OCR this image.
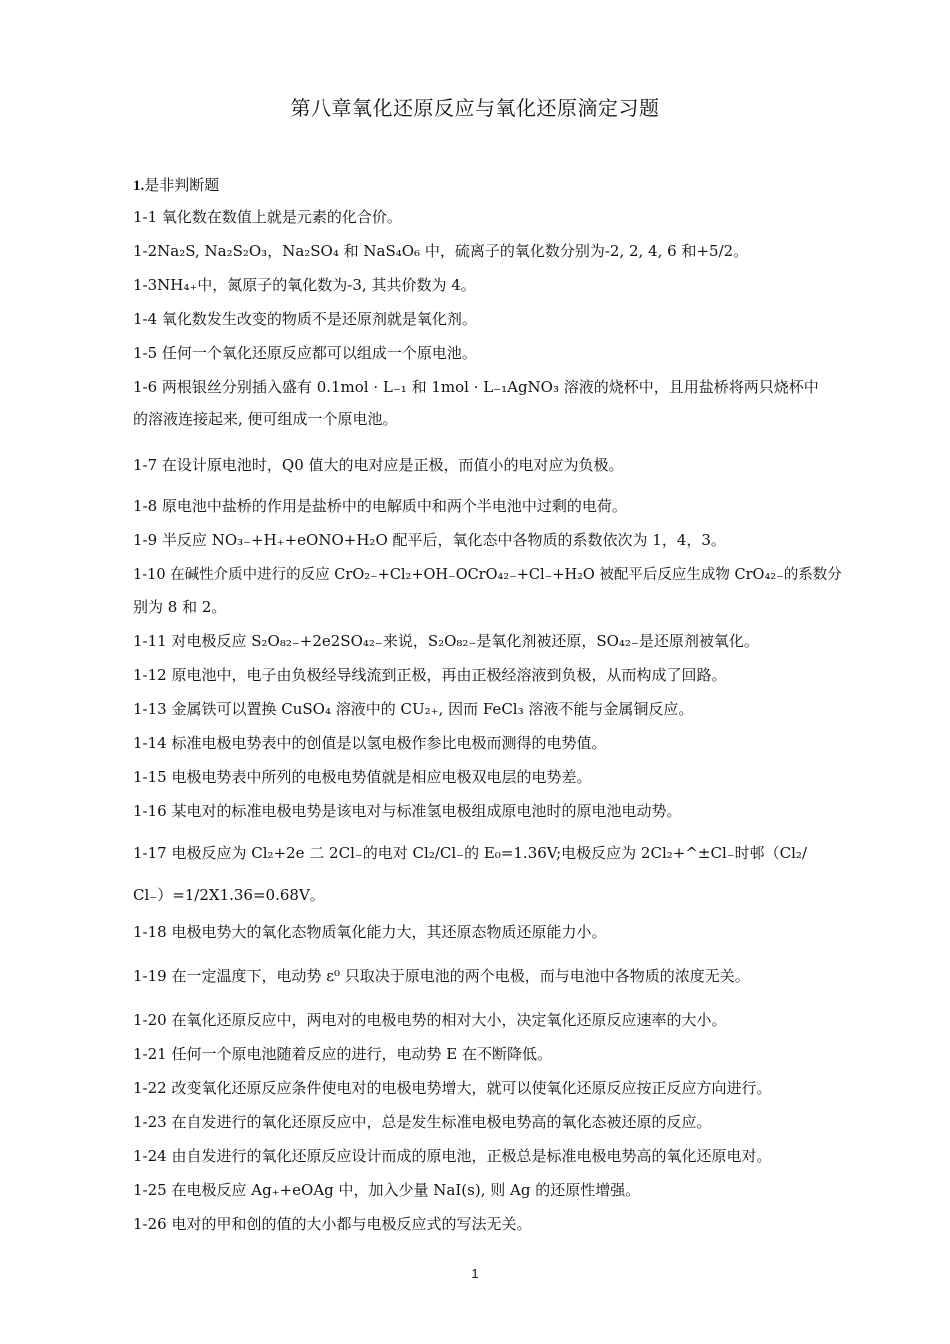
第八章氧化还原反应与氧化还原滴定习题
1.是非判断题
1-1 氧化数在数值上就是元素的化合价。
1-2Na₂S, Na₂S₂O₃，Na₂SO₄ 和 NaS₄O₆ 中，硫离子的氧化数分别为-2, 2, 4, 6 和+5/2。
1-3NH₄₊中，氮原子的氧化数为-3, 其共价数为 4。
1-4 氧化数发生改变的物质不是还原剂就是氧化剂。
1-5 任何一个氧化还原反应都可以组成一个原电池。
1-6 两根银丝分别插入盛有 0.1mol · L₋₁ 和 1mol · L₋₁AgNO₃ 溶液的烧杯中，且用盐桥将两只烧杯中
的溶液连接起来, 便可组成一个原电池。
1-7 在设计原电池时，Q0 值大的电对应是正极，而值小的电对应为负极。
1-8 原电池中盐桥的作用是盐桥中的电解质中和两个半电池中过剩的电荷。
1-9 半反应 NO₃₋+H₊+eONO+H₂O 配平后，氧化态中各物质的系数依次为 1，4，3。
1-10 在碱性介质中进行的反应 CrO₂₋+Cl₂+OH₋OCrO₄₂₋+Cl₋+H₂O 被配平后反应生成物 CrO₄₂₋的系数分
别为 8 和 2。
1-11 对电极反应 S₂O₈₂₋+2e2SO₄₂₋来说，S₂O₈₂₋是氧化剂被还原，SO₄₂₋是还原剂被氧化。
1-12 原电池中，电子由负极经导线流到正极，再由正极经溶液到负极，从而构成了回路。
1-13 金属铁可以置换 CuSO₄ 溶液中的 CU₂₊, 因而 FeCl₃ 溶液不能与金属铜反应。
1-14 标准电极电势表中的创值是以氢电极作参比电极而测得的电势值。
1-15 电极电势表中所列的电极电势值就是相应电极双电层的电势差。
1-16 某电对的标准电极电势是该电对与标准氢电极组成原电池时的原电池电动势。
1-17 电极反应为 Cl₂+2e 二 2Cl₋的电对 Cl₂/Cl₋的 E₀=1.36V;电极反应为 2Cl₂+^±Cl₋时邨（Cl₂/
Cl₋）=1/2X1.36=0.68V。
1-18 电极电势大的氧化态物质氧化能力大，其还原态物质还原能力小。
1-19 在一定温度下，电动势 ε⁰ 只取决于原电池的两个电极，而与电池中各物质的浓度无关。
1-20 在氧化还原反应中，两电对的电极电势的相对大小，决定氧化还原反应速率的大小。
1-21 任何一个原电池随着反应的进行，电动势 E 在不断降低。
1-22 改变氧化还原反应条件使电对的电极电势增大，就可以使氧化还原反应按正反应方向进行。
1-23 在自发进行的氧化还原反应中，总是发生标准电极电势高的氧化态被还原的反应。
1-24 由自发进行的氧化还原反应设计而成的原电池，正极总是标准电极电势高的氧化还原电对。
1-25 在电极反应 Ag₊+eOAg 中，加入少量 NaI(s), 则 Ag 的还原性增强。
1-26 电对的甲和创的值的大小都与电极反应式的写法无关。
1
